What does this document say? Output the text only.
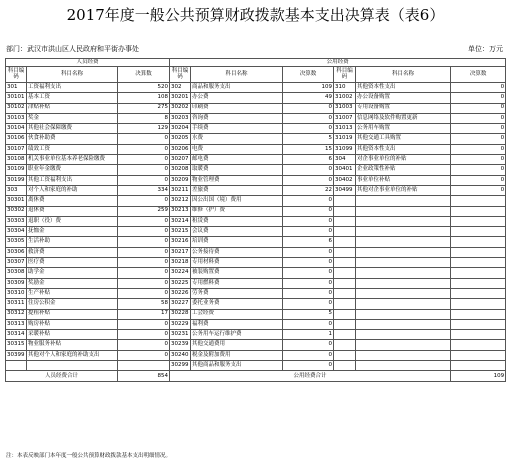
2017年度一般公共预算财政拨款基本支出决算表（表6）
部门：武汉市洪山区人民政府和平街办事处	单位：万元
人员经费			公用经费					
科目编码	科目名称	决算数	科目编码	科目名称	决算数	科目编码	科目名称	决算数
301	工资福利支出	520	302	商品和服务支出	109	310	其他资本性支出	0
30101	基本工资	108	30201	办公费	49	31002	办公设备购置	0
30102	津贴补贴	275	30202	印刷费	0	31003	专用设备购置	0
30103	奖金	8	30203	咨询费	0	31007	信息网络及软件购置更新	0
30104	其他社会保障缴费	129	30204	手续费	0	31013	公务用车购置	0
30106	伙食补助费	0	30205	水费	5	31019	其他交通工具购置	0
30107	绩效工资	0	30206	电费	15	31099	其他资本性支出	0
30108	机关事业单位基本养老保险缴费	0	30207	邮电费	6	304	对企事业单位的补贴	0
30109	职业年金缴费	0	30208	取暖费	0	30401	企业政策性补贴	0
30199	其他工资福利支出	0	30209	物业管理费	0	30402	事业单位补贴	0
303	对个人和家庭的补助	334	30211	差旅费	22	30499	其他对企事业单位的补贴	0
30301	离休费	0	30212	因公出国（境）费用	0			
30302	退休费	259	30213	维修（护）费	0			
30303	退职（役）费	0	30214	租赁费	0			
30304	抚恤金	0	30215	会议费	0			
30305	生活补助	0	30216	培训费	6			
30306	救济费	0	30217	公务接待费	0			
30307	医疗费	0	30218	专用材料费	0			
30308	助学金	0	30224	被装购置费	0			
30309	奖励金	0	30225	专用燃料费	0			
30310	生产补贴	0	30226	劳务费	0			
30311	住房公积金	58	30227	委托业务费	0			
30312	提租补贴	17	30228	工会经费	5			
30313	购房补贴	0	30229	福利费	0			
30314	采暖补贴	0	30231	公务用车运行维护费	1			
30315	物业服务补贴	0	30239	其他交通费用	0			
30399	其他对个人和家庭的补助支出	0	30240	税金及附加费用	0			
			30299	其他商品和服务支出	0			
人员经费合计		854	公用经费合计					109
注：本表反映部门本年度一般公共预算财政拨款基本支出明细情况。
